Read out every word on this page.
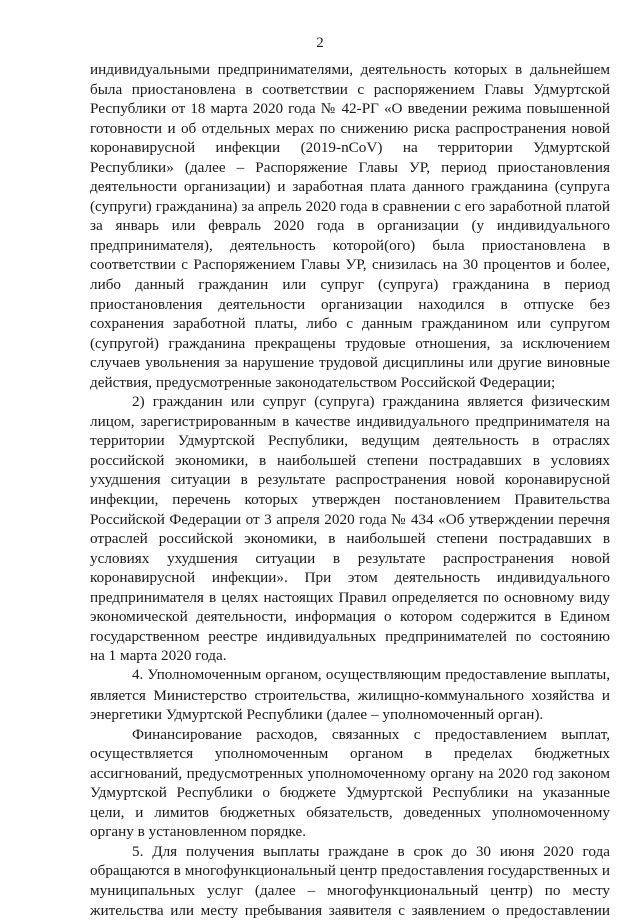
2
индивидуальными предпринимателями, деятельность которых в дальнейшем
была приостановлена в соответствии с распоряжением Главы Удмуртской
Республики от 18 марта 2020 года № 42-РГ «О введении режима повышенной
готовности и об отдельных мерах по снижению риска распространения новой
коронавирусной инфекции (2019-nCoV) на территории Удмуртской
Республики» (далее – Распоряжение Главы УР, период приостановления
деятельности организации) и заработная плата данного гражданина (супруга
(супруги) гражданина) за апрель 2020 года в сравнении с его заработной платой
за январь или февраль 2020 года в организации (у индивидуального
предпринимателя), деятельность которой(ого) была приостановлена в
соответствии с Распоряжением Главы УР, снизилась на 30 процентов и более,
либо данный гражданин или супруг (супруга) гражданина в период
приостановления деятельности организации находился в отпуске без
сохранения заработной платы, либо с данным гражданином или супругом
(супругой) гражданина прекращены трудовые отношения, за исключением
случаев увольнения за нарушение трудовой дисциплины или другие виновные
действия, предусмотренные законодательством Российской Федерации;
2) гражданин или супруг (супруга) гражданина является физическим
лицом, зарегистрированным в качестве индивидуального предпринимателя на
территории Удмуртской Республики, ведущим деятельность в отраслях
российской экономики, в наибольшей степени пострадавших в условиях
ухудшения ситуации в результате распространения новой коронавирусной
инфекции, перечень которых утвержден постановлением Правительства
Российской Федерации от 3 апреля 2020 года № 434 «Об утверждении перечня
отраслей российской экономики, в наибольшей степени пострадавших в
условиях ухудшения ситуации в результате распространения новой
коронавирусной инфекции». При этом деятельность индивидуального
предпринимателя в целях настоящих Правил определяется по основному виду
экономической деятельности, информация о котором содержится в Едином
государственном реестре индивидуальных предпринимателей по состоянию
на 1 марта 2020 года.
4. Уполномоченным органом, осуществляющим предоставление выплаты,
является Министерство строительства, жилищно-коммунального хозяйства и
энергетики Удмуртской Республики (далее – уполномоченный орган).
Финансирование расходов, связанных с предоставлением выплат,
осуществляется уполномоченным органом в пределах бюджетных
ассигнований, предусмотренных уполномоченному органу на 2020 год законом
Удмуртской Республики о бюджете Удмуртской Республики на указанные
цели, и лимитов бюджетных обязательств, доведенных уполномоченному
органу в установленном порядке.
5. Для получения выплаты граждане в срок до 30 июня 2020 года
обращаются в многофункциональный центр предоставления государственных и
муниципальных услуг (далее – многофункциональный центр) по месту
жительства или месту пребывания заявителя с заявлением о предоставлении
